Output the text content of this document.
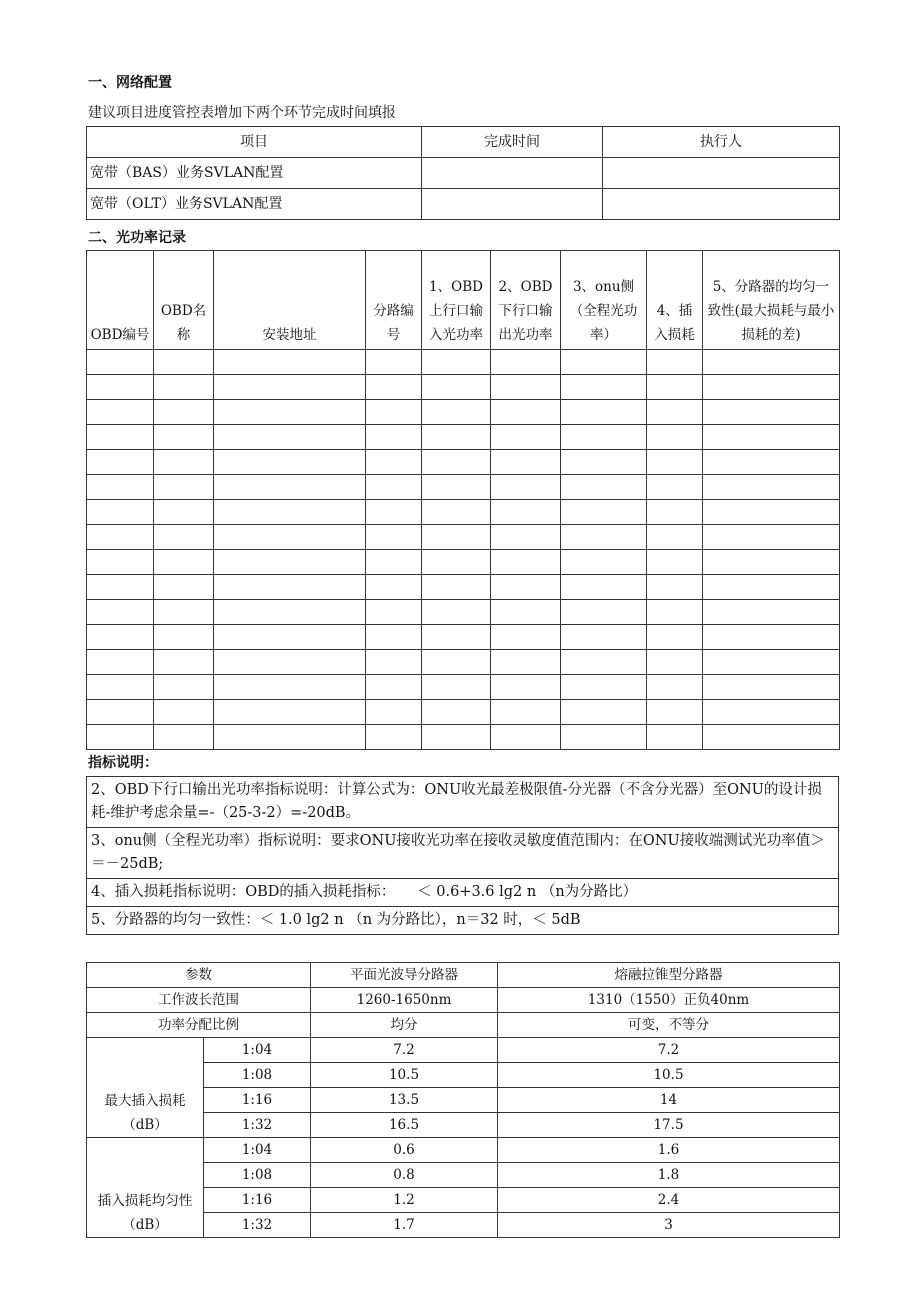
一、网络配置
建议项目进度管控表增加下两个环节完成时间填报
项目	完成时间	执行人
宽带（BAS）业务SVLAN配置		
宽带（OLT）业务SVLAN配置		
二、光功率记录
OBD编号	OBD名称	安装地址	分路编号	1、OBD上行口输入光功率	2、OBD下行口输出光功率	3、onu侧（全程光功率）	4、插入损耗	5、分路器的均匀一致性(最大损耗与最小损耗的差)

指标说明：
2、OBD下行口输出光功率指标说明：计算公式为：ONU收光最差极限值-分光器（不含分光器）至ONU的设计损耗-维护考虑余量=-（25-3-2）=-20dB。
3、onu侧（全程光功率）指标说明：要求ONU接收光功率在接收灵敏度值范围内：在ONU接收端测试光功率值＞＝－25dB;
4、插入损耗指标说明：OBD的插入损耗指标：　　＜ 0.6+3.6 lg2 n （n为分路比）
5、分路器的均匀一致性：＜ 1.0 lg2 n （n 为分路比），n＝32 时，＜ 5dB
参数		平面光波导分路器	熔融拉锥型分路器
工作波长范围		1260-1650nm	1310（1550）正负40nm
功率分配比例		均分	可变，不等分
最大插入损耗（dB）	1:04	7.2	7.2
	1:08	10.5	10.5
	1:16	13.5	14
	1:32	16.5	17.5
插入损耗均匀性（dB）	1:04	0.6	1.6
	1:08	0.8	1.8
	1:16	1.2	2.4
	1:32	1.7	3
